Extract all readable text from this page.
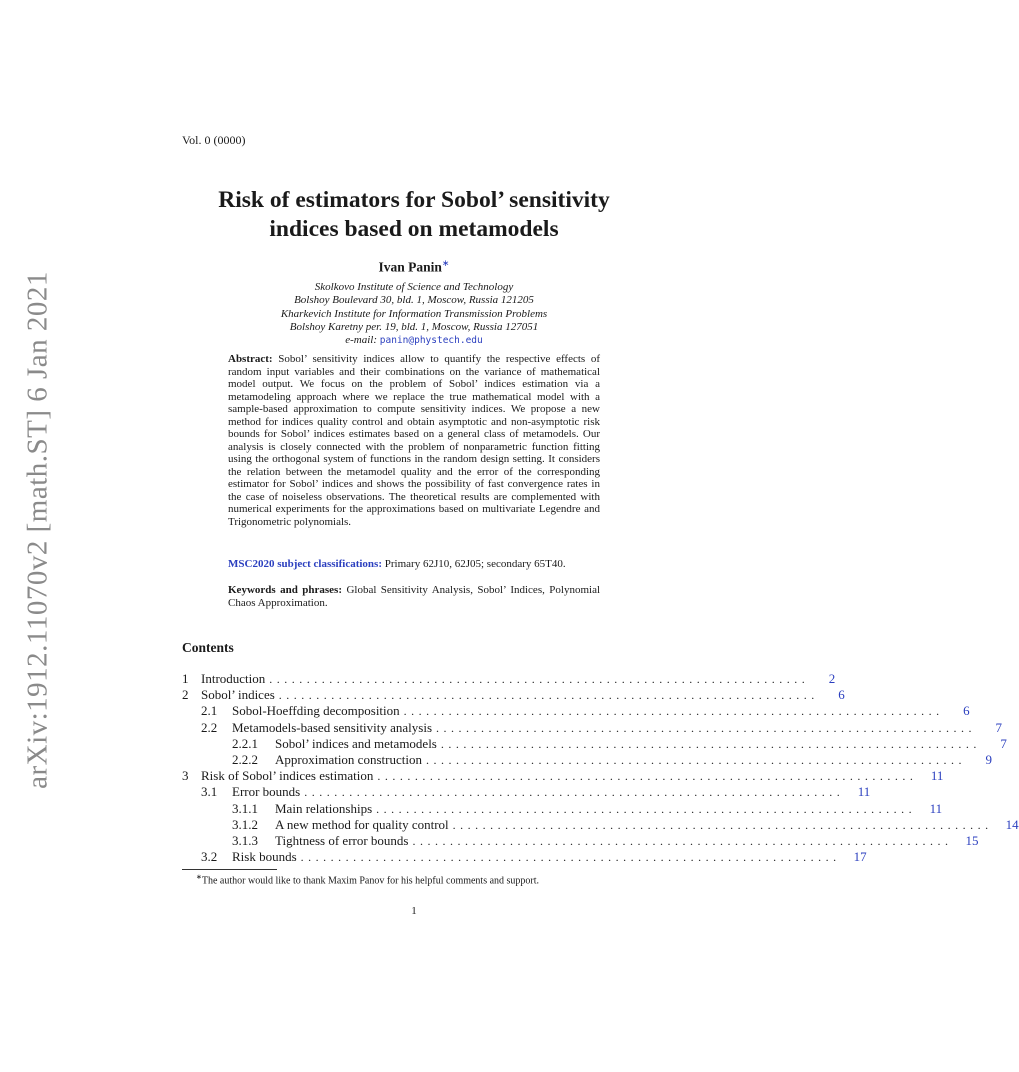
arXiv:1912.11070v2 [math.ST] 6 Jan 2021
Vol. 0 (0000)
Risk of estimators for Sobol’ sensitivity
indices based on metamodels
Ivan Panin∗
Skolkovo Institute of Science and Technology
Bolshoy Boulevard 30, bld. 1, Moscow, Russia 121205
Kharkevich Institute for Information Transmission Problems
Bolshoy Karetny per. 19, bld. 1, Moscow, Russia 127051
e-mail: panin@phystech.edu
Abstract: Sobol’ sensitivity indices allow to quantify the respective effects of random input variables and their combinations on the variance of mathematical model output. We focus on the problem of Sobol’ indices estimation via a metamodeling approach where we replace the true mathematical model with a sample-based approximation to compute sensitivity indices. We propose a new method for indices quality control and obtain asymptotic and non-asymptotic risk bounds for Sobol’ indices estimates based on a general class of metamodels. Our analysis is closely connected with the problem of nonparametric function fitting using the orthogonal system of functions in the random design setting. It considers the relation between the metamodel quality and the error of the corresponding estimator for Sobol’ indices and shows the possibility of fast convergence rates in the case of noiseless observations. The theoretical results are complemented with numerical experiments for the approximations based on multivariate Legendre and Trigonometric polynomials.
MSC2020 subject classifications: Primary 62J10, 62J05; secondary 65T40.
Keywords and phrases: Global Sensitivity Analysis, Sobol’ Indices, Polynomial Chaos Approximation.
Contents
1 Introduction ........................................................................	2
2 Sobol’ indices ........................................................................	6
2.1	Sobol-Hoeffding decomposition ........................................................................	6
2.2	Metamodels-based sensitivity analysis ........................................................................	7
2.2.1	Sobol’ indices and metamodels ........................................................................	7
2.2.2	Approximation construction ........................................................................	9
3 Risk of Sobol’ indices estimation ........................................................................	11
3.1	Error bounds ........................................................................	11
3.1.1	Main relationships ........................................................................	11
3.1.2	A new method for quality control ........................................................................	14
3.1.3	Tightness of error bounds ........................................................................	15
3.2	Risk bounds ........................................................................	17
∗The author would like to thank Maxim Panov for his helpful comments and support.
1
